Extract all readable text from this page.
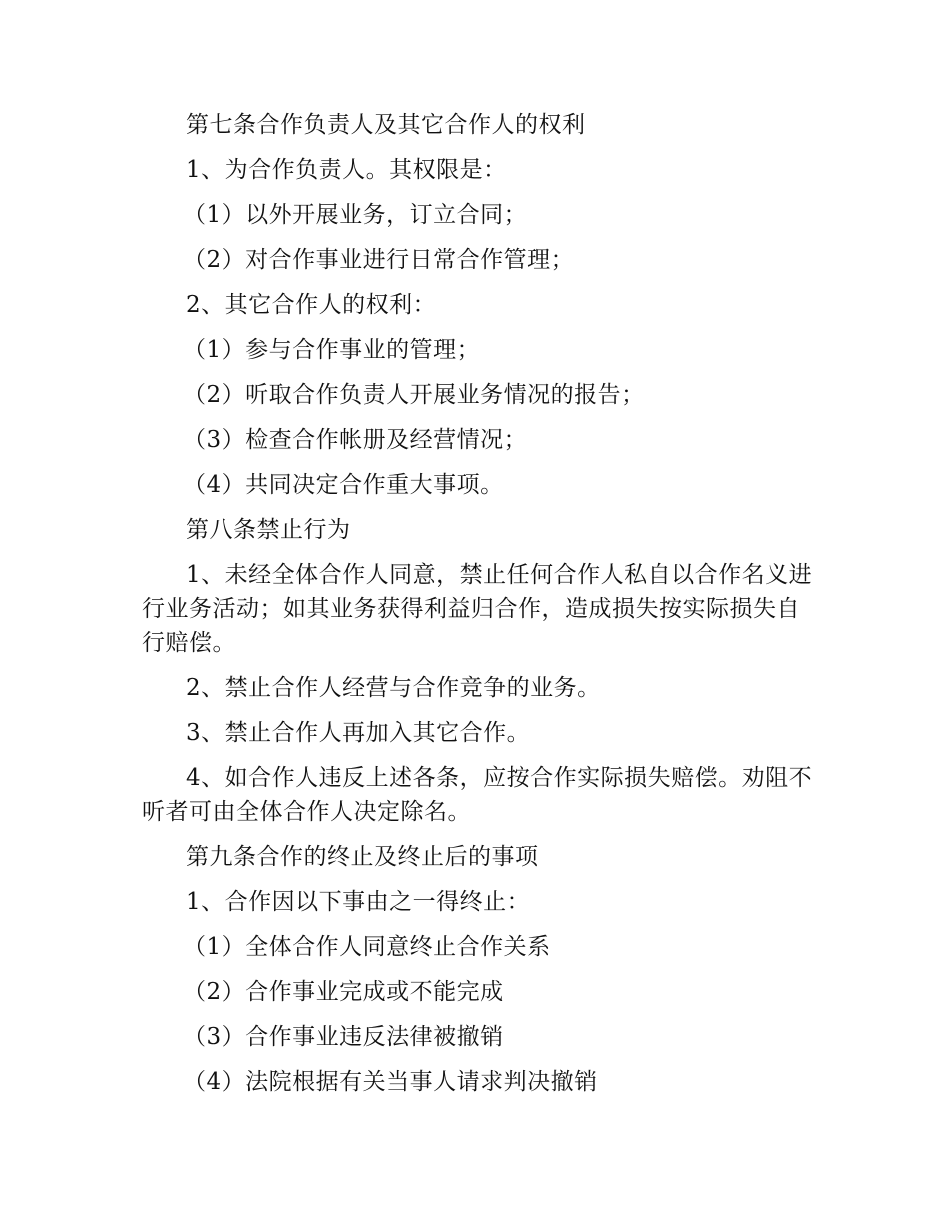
第七条合作负责人及其它合作人的权利

1、为合作负责人。其权限是：

（1）以外开展业务，订立合同；

（2）对合作事业进行日常合作管理；

2、其它合作人的权利：

（1）参与合作事业的管理；

（2）听取合作负责人开展业务情况的报告；

（3）检查合作帐册及经营情况；

（4）共同决定合作重大事项。

第八条禁止行为

1、未经全体合作人同意，禁止任何合作人私自以合作名义进行业务活动；如其业务获得利益归合作，造成损失按实际损失自行赔偿。

2、禁止合作人经营与合作竞争的业务。

3、禁止合作人再加入其它合作。

4、如合作人违反上述各条，应按合作实际损失赔偿。劝阻不听者可由全体合作人决定除名。

第九条合作的终止及终止后的事项

1、合作因以下事由之一得终止：

（1）全体合作人同意终止合作关系

（2）合作事业完成或不能完成

（3）合作事业违反法律被撤销

（4）法院根据有关当事人请求判决撤销
